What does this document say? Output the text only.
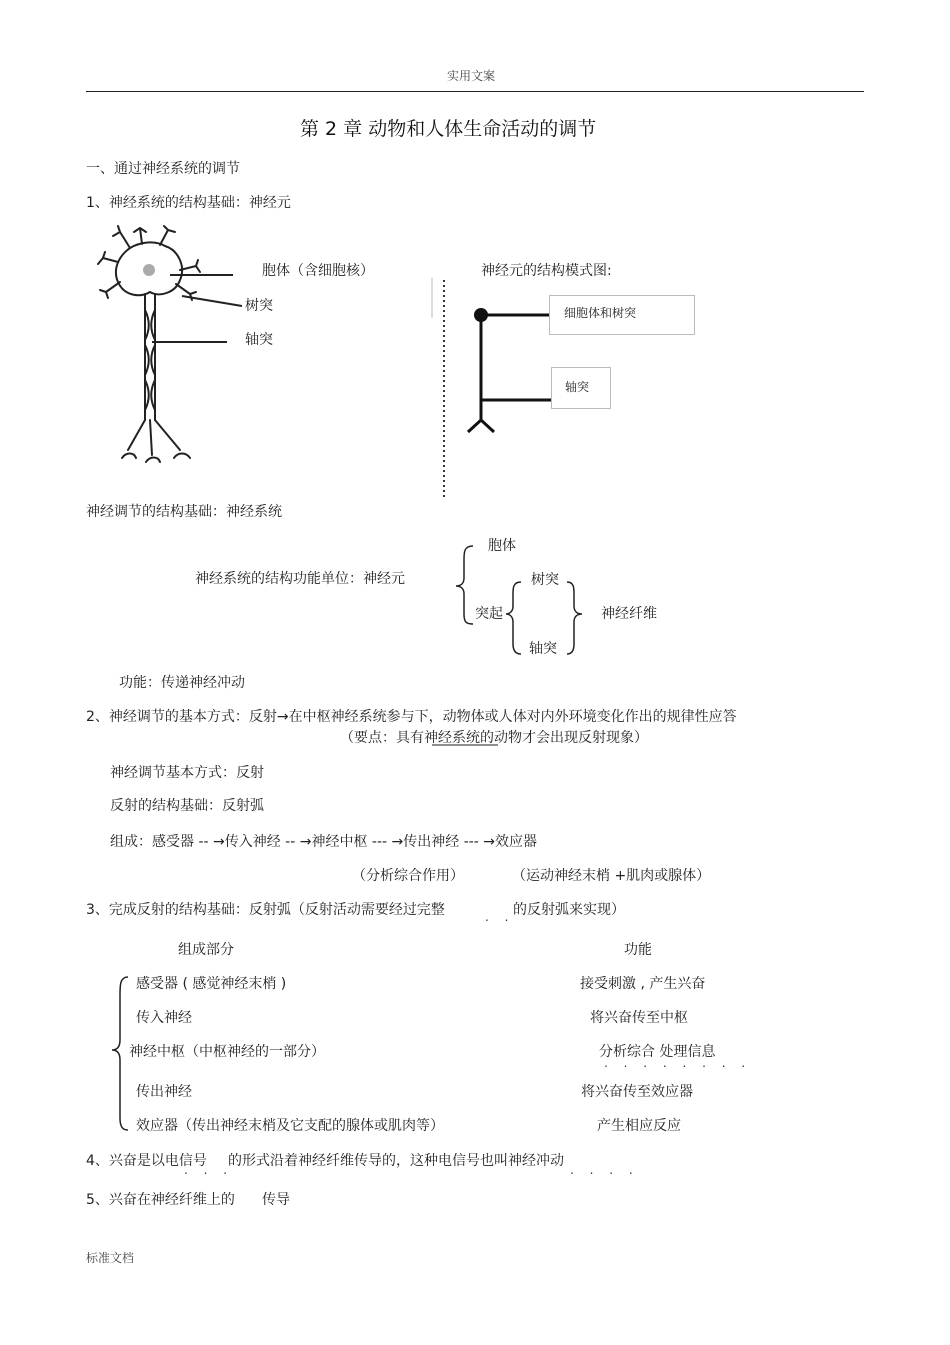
实用文案
第 2 章 动物和人体生命活动的调节
一、通过神经系统的调节
1、神经系统的结构基础：神经元
胞体（含细胞核）
树突
轴突
神经元的结构模式图:
细胞体和树突
轴突
神经调节的结构基础：神经系统
神经系统的结构功能单位：神经元
胞体
突起
树突
轴突
神经纤维
功能：传递神经冲动
2、神经调节的基本方式：反射→在中枢神经系统参与下，动物体或人体对内外环境变化作出的规律性应答
（要点：具有神经系统的动物才会出现反射现象）
神经调节基本方式：反射
反射的结构基础：反射弧
组成：感受器 -- →传入神经 -- →神经中枢 --- →传出神经 --- →效应器
（分析综合作用）	（运动神经末梢 +肌肉或腺体）
3、完成反射的结构基础：反射弧（反射活动需要经过完整	. .
的反射弧来实现）
组成部分	功能
感受器 ( 感觉神经末梢 )	接受刺激 , 产生兴奋
传入神经	将兴奋传至中枢
神经中枢（中枢神经的一部分）	分析综合 处理信息
. . . . . . . .
传出神经	将兴奋传至效应器
效应器（传出神经末梢及它支配的腺体或肌肉等）	产生相应反应
4、兴奋是以电信号
. . .
的形式沿着神经纤维传导的，这种电信号也叫神经冲动
. . . .
5、兴奋在神经纤维上的 传导
标准文档
